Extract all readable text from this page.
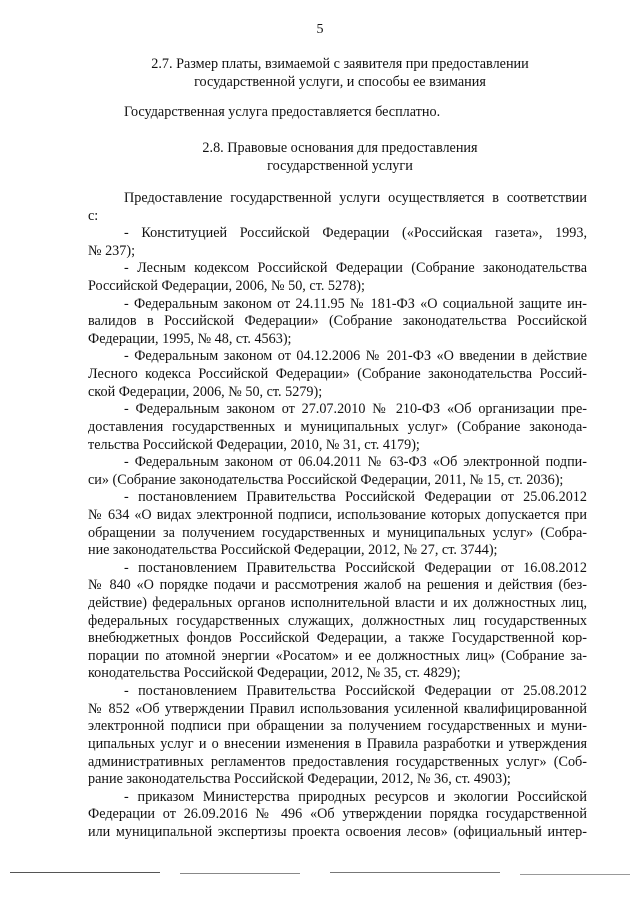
5
2.7. Размер платы, взимаемой с заявителя при предоставлении
государственной услуги, и способы ее взимания
Государственная услуга предоставляется бесплатно.
2.8. Правовые основания для предоставления
государственной услуги
Предоставление государственной услуги осуществляется в соответствии
с:
- Конституцией Российской Федерации («Российская газета», 1993,
№ 237);
- Лесным кодексом Российской Федерации (Собрание законодательства
Российской Федерации, 2006, № 50, ст. 5278);
- Федеральным законом от 24.11.95 № 181-ФЗ «О социальной защите ин-
валидов в Российской Федерации» (Собрание законодательства Российской
Федерации, 1995, № 48, ст. 4563);
- Федеральным законом от 04.12.2006 № 201-ФЗ «О введении в действие
Лесного кодекса Российской Федерации» (Собрание законодательства Россий-
ской Федерации, 2006, № 50, ст. 5279);
- Федеральным законом от 27.07.2010 № 210-ФЗ «Об организации пре-
доставления государственных и муниципальных услуг» (Собрание законода-
тельства Российской Федерации, 2010, № 31, ст. 4179);
- Федеральным законом от 06.04.2011 № 63-ФЗ «Об электронной подпи-
си» (Собрание законодательства Российской Федерации, 2011, № 15, ст. 2036);
- постановлением Правительства Российской Федерации от 25.06.2012
№ 634 «О видах электронной подписи, использование которых допускается при
обращении за получением государственных и муниципальных услуг» (Собра-
ние законодательства Российской Федерации, 2012, № 27, ст. 3744);
- постановлением Правительства Российской Федерации от 16.08.2012
№ 840 «О порядке подачи и рассмотрения жалоб на решения и действия (без-
действие) федеральных органов исполнительной власти и их должностных лиц,
федеральных государственных служащих, должностных лиц государственных
внебюджетных фондов Российской Федерации, а также Государственной кор-
порации по атомной энергии «Росатом» и ее должностных лиц» (Собрание за-
конодательства Российской Федерации, 2012, № 35, ст. 4829);
- постановлением Правительства Российской Федерации от 25.08.2012
№ 852 «Об утверждении Правил использования усиленной квалифицированной
электронной подписи при обращении за получением государственных и муни-
ципальных услуг и о внесении изменения в Правила разработки и утверждения
административных регламентов предоставления государственных услуг» (Соб-
рание законодательства Российской Федерации, 2012, № 36, ст. 4903);
- приказом Министерства природных ресурсов и экологии Российской
Федерации от 26.09.2016 № 496 «Об утверждении порядка государственной
или муниципальной экспертизы проекта освоения лесов» (официальный интер-
